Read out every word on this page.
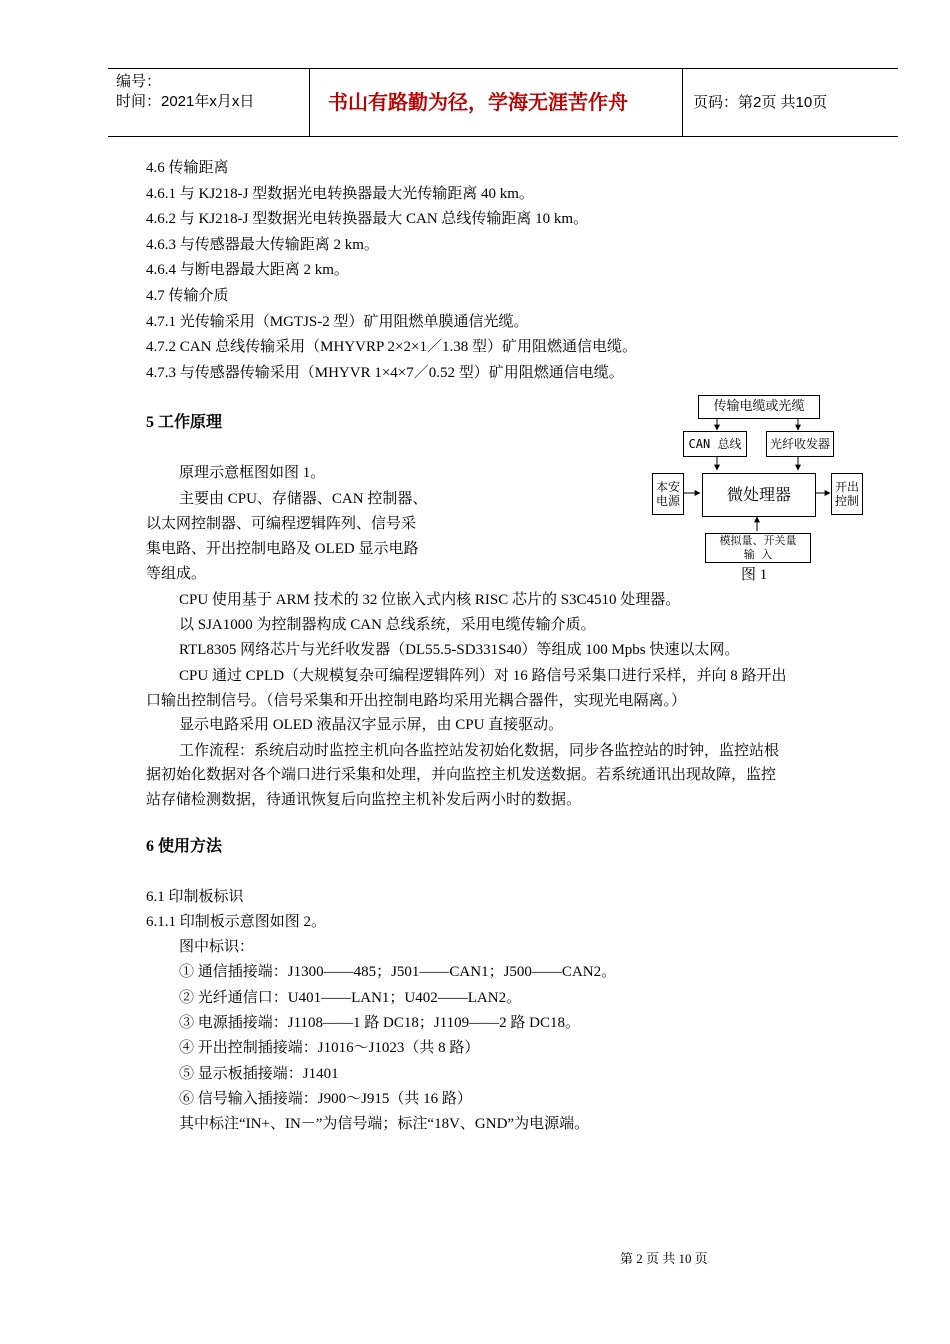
编号：
时间：2021年x月x日	书山有路勤为径，学海无涯苦作舟	页码：第2页 共10页
4.6 传输距离
4.6.1 与 KJ218-J 型数据光电转换器最大光传输距离 40 km。
4.6.2 与 KJ218-J 型数据光电转换器最大 CAN 总线传输距离 10 km。
4.6.3 与传感器最大传输距离 2 km。
4.6.4 与断电器最大距离 2 km。
4.7 传输介质
4.7.1 光传输采用（MGTJS-2 型）矿用阻燃单膜通信光缆。
4.7.2 CAN 总线传输采用（MHYVRP 2×2×1／1.38 型）矿用阻燃通信电缆。
4.7.3 与传感器传输采用（MHYVR 1×4×7／0.52 型）矿用阻燃通信电缆。
5 工作原理
原理示意框图如图 1。
主要由 CPU、存储器、CAN 控制器、
以太网控制器、可编程逻辑阵列、信号采
集电路、开出控制电路及 OLED 显示电路
等组成。
传输电缆或光缆
CAN 总线 光纤收发器
本安
电源	微处理器	开出
控制
模拟量、开关量
输 入
图 1
CPU 使用基于 ARM 技术的 32 位嵌入式内核 RISC 芯片的 S3C4510 处理器。
以 SJA1000 为控制器构成 CAN 总线系统，采用电缆传输介质。
RTL8305 网络芯片与光纤收发器（DL55.5-SD331S40）等组成 100 Mpbs 快速以太网。
CPU 通过 CPLD（大规模复杂可编程逻辑阵列）对 16 路信号采集口进行采样，并向 8 路开出
口输出控制信号。（信号采集和开出控制电路均采用光耦合器件，实现光电隔离。）
显示电路采用 OLED 液晶汉字显示屏，由 CPU 直接驱动。
工作流程：系统启动时监控主机向各监控站发初始化数据，同步各监控站的时钟，监控站根
据初始化数据对各个端口进行采集和处理，并向监控主机发送数据。若系统通讯出现故障，监控
站存储检测数据，待通讯恢复后向监控主机补发后两小时的数据。
6 使用方法
6.1 印制板标识
6.1.1 印制板示意图如图 2。
图中标识：
① 通信插接端：J1300——485；J501——CAN1；J500——CAN2。
② 光纤通信口：U401——LAN1；U402——LAN2。
③ 电源插接端：J1108——1 路 DC18；J1109——2 路 DC18。
④ 开出控制插接端：J1016～J1023（共 8 路）
⑤ 显示板插接端：J1401
⑥ 信号输入插接端：J900～J915（共 16 路）
其中标注“IN+、IN－”为信号端；标注“18V、GND”为电源端。
第 2 页 共 10 页
